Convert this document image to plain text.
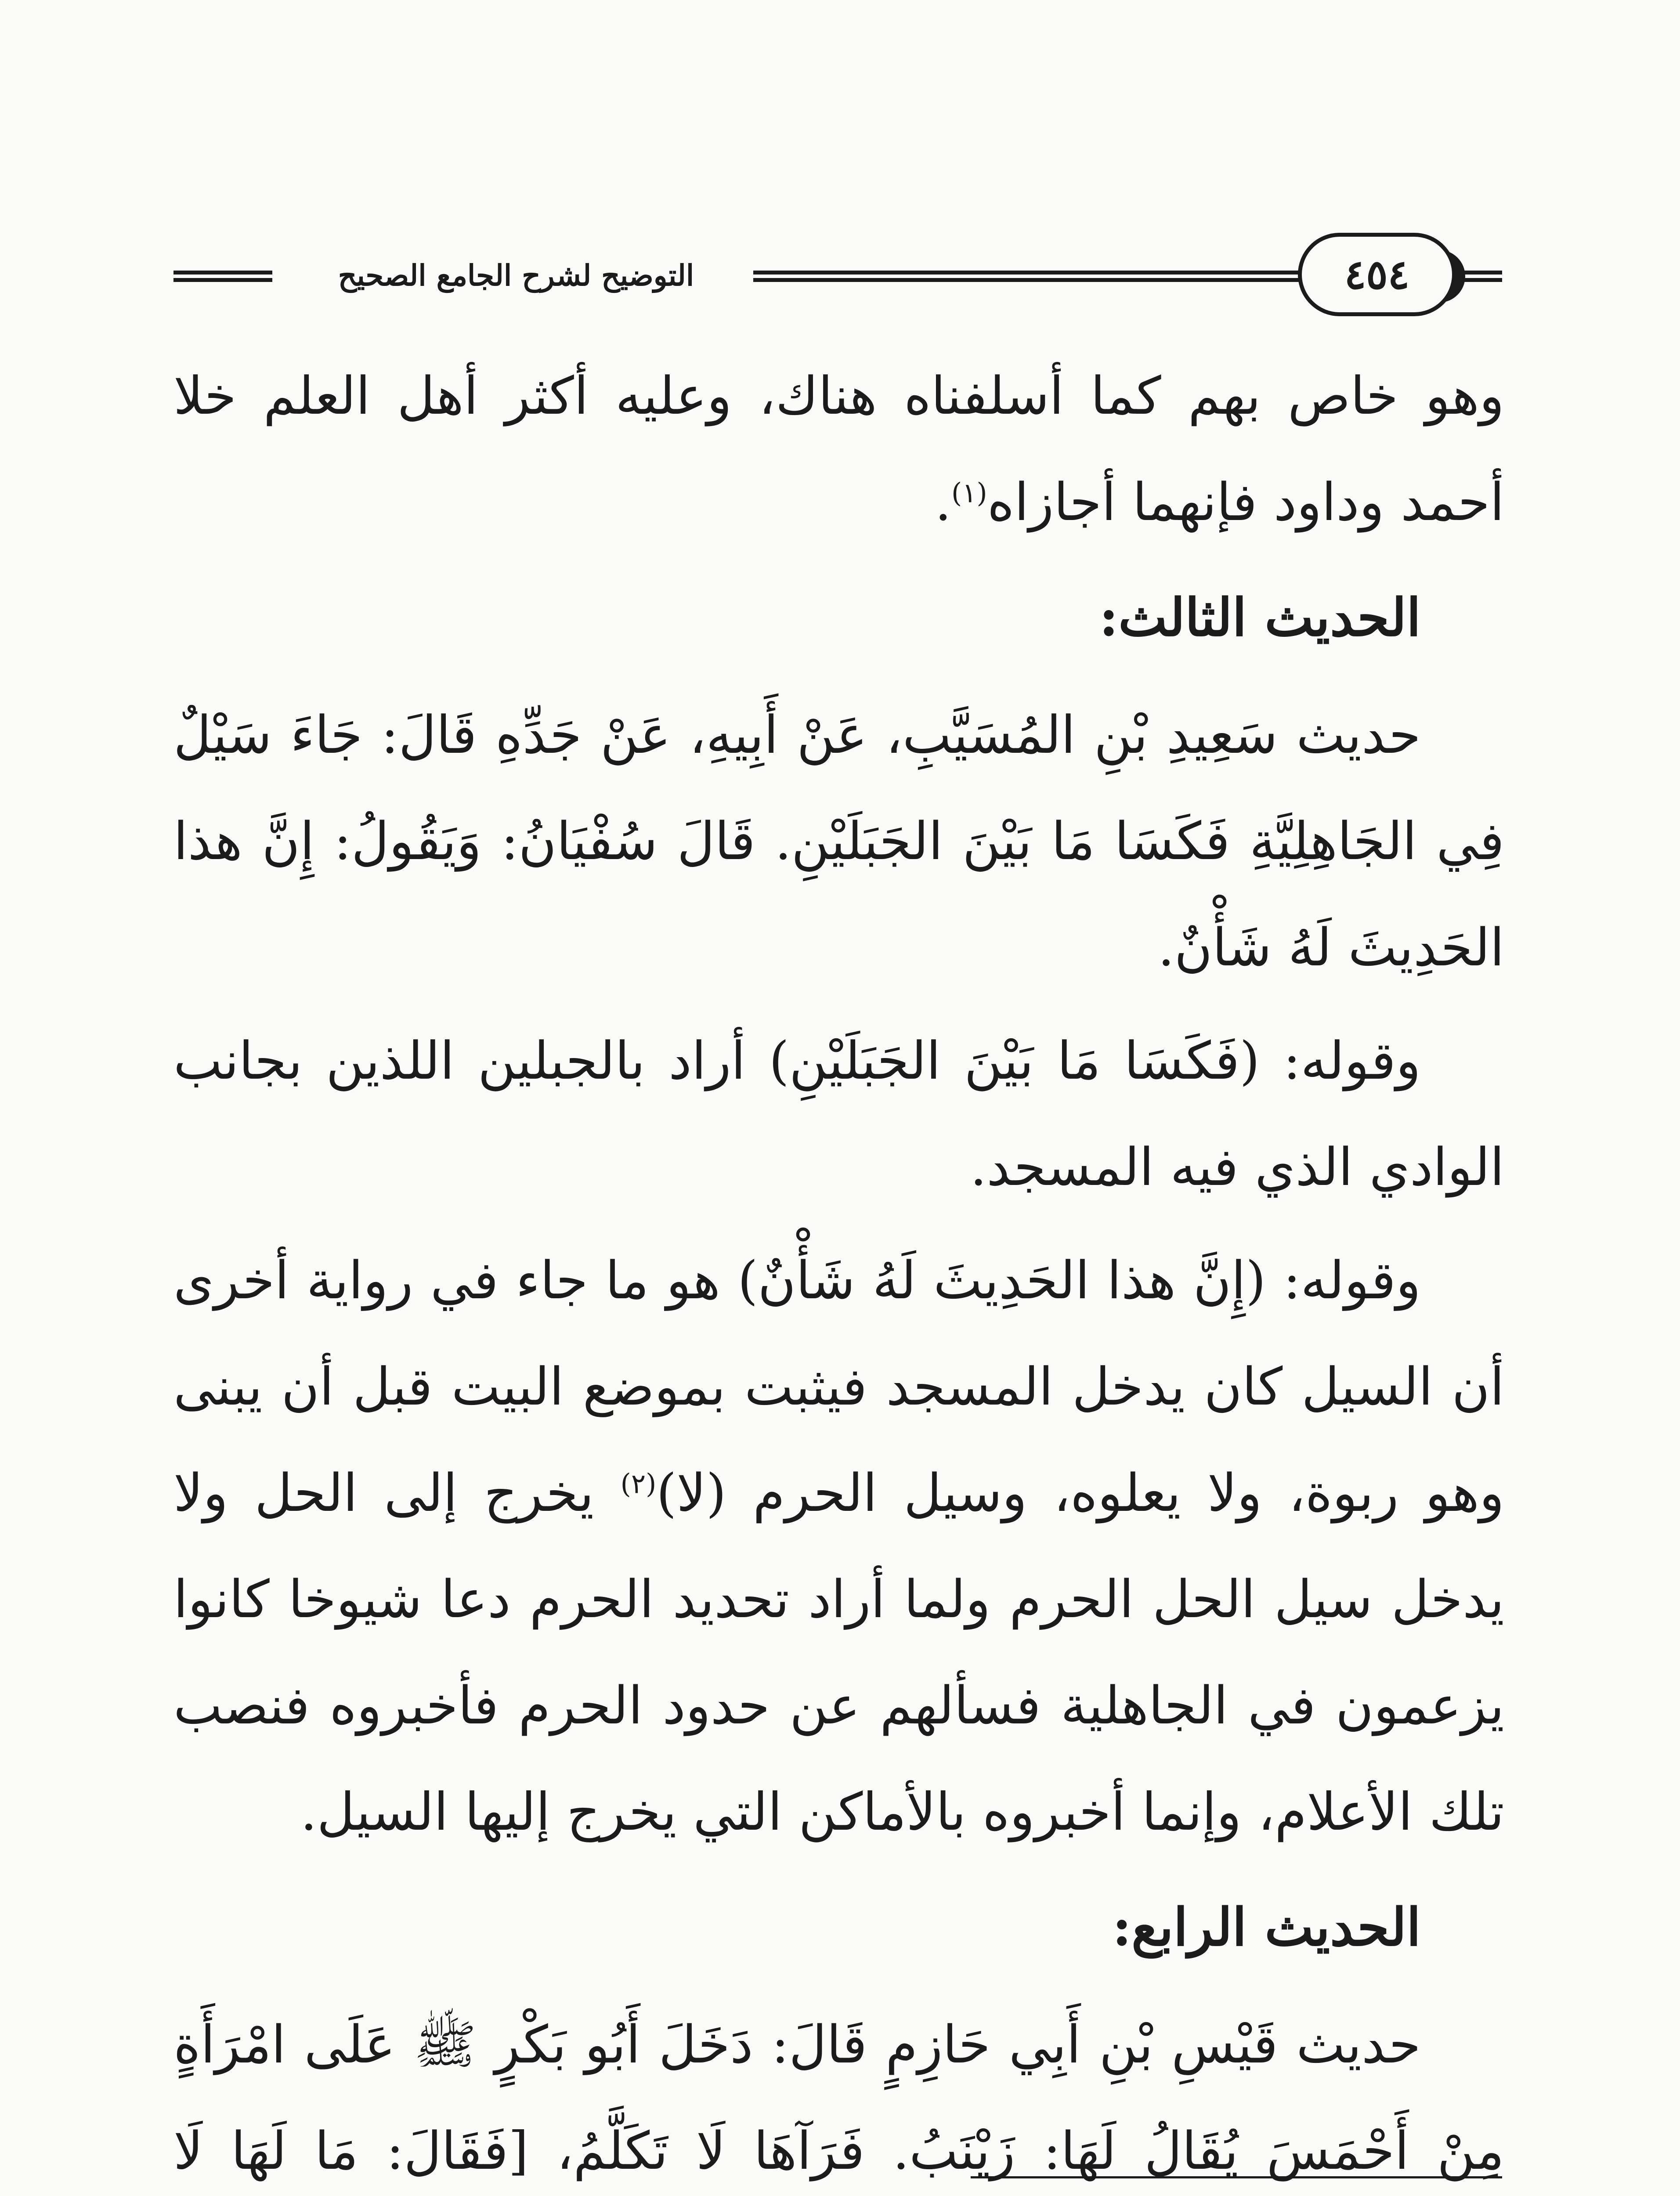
التوضيح لشرح الجامع الصحيح	٤٥٤

وهو خاص بهم كما أسلفناه هناك، وعليه أكثر أهل العلم خلا أحمد وداود فإنهما أجازاه$^{(١)}$.

الحديث الثالث:

حديث سَعِيدِ بْنِ المُسَيَّبِ، عَنْ أَبِيهِ، عَنْ جَدِّهِ قَالَ: جَاءَ سَيْلٌ فِي الجَاهِلِيَّةِ فَكَسَا مَا بَيْنَ الجَبَلَيْنِ. قَالَ سُفْيَانُ: وَيَقُولُ: إِنَّ هذا الحَدِيثَ لَهُ شَأْنٌ.

وقوله: (فَكَسَا مَا بَيْنَ الجَبَلَيْنِ) أراد بالجبلين اللذين بجانب الوادي الذي فيه المسجد.

وقوله: (إِنَّ هذا الحَدِيثَ لَهُ شَأْنٌ) هو ما جاء في رواية أخرى أن السيل كان يدخل المسجد فيثبت بموضع البيت قبل أن يبنى وهو ربوة، ولا يعلوه، وسيل الحرم (لا)$^{(٢)}$ يخرج إلى الحل ولا يدخل سيل الحل الحرم ولما أراد تحديد الحرم دعا شيوخا كانوا يزعمون في الجاهلية فسألهم عن حدود الحرم فأخبروه فنصب تلك الأعلام، وإنما أخبروه بالأماكن التي يخرج إليها السيل.

الحديث الرابع:

حديث قَيْسِ بْنِ أَبِي حَازِمٍ قَالَ: دَخَلَ أَبُو بَكْرٍ ﷺ عَلَى امْرَأَةٍ مِنْ أَحْمَسَ يُقَالُ لَهَا: زَيْنَبُ. فَرَآهَا لَا تَكَلَّمُ، [فَقَالَ: مَا لَهَا لَا
